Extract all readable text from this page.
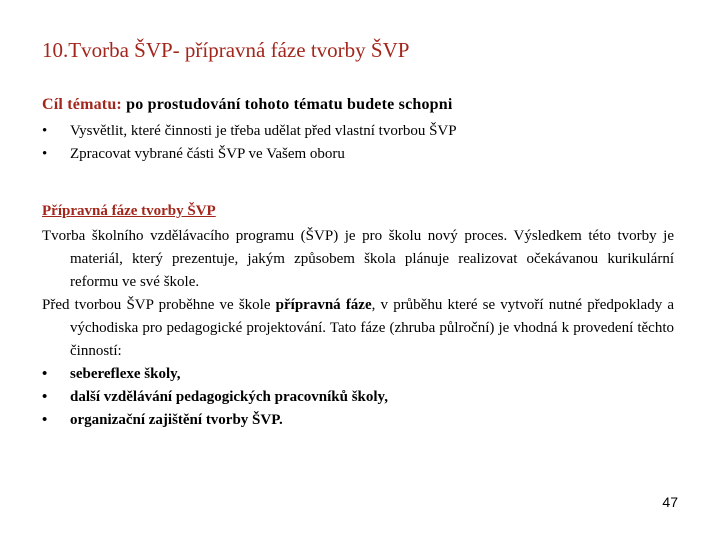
10.Tvorba ŠVP- přípravná fáze tvorby ŠVP
Cíl tématu: po prostudování tohoto tématu budete schopni
•	Vysvětlit, které činnosti je třeba udělat před vlastní tvorbou ŠVP
•	Zpracovat vybrané části ŠVP ve Vašem oboru
Přípravná fáze tvorby ŠVP

Tvorba školního vzdělávacího programu (ŠVP) je pro školu nový proces. Výsledkem této tvorby je materiál, který prezentuje, jakým způsobem škola plánuje realizovat očekávanou kurikulární reformu ve své škole.

Před tvorbou ŠVP proběhne ve škole přípravná fáze, v průběhu které se vytvoří nutné předpoklady a východiska pro pedagogické projektování. Tato fáze (zhruba půlroční) je vhodná k provedení těchto činností:

•	sebereflexe školy,
•	další vzdělávání pedagogických pracovníků školy,
•	organizační zajištění tvorby ŠVP.
47
